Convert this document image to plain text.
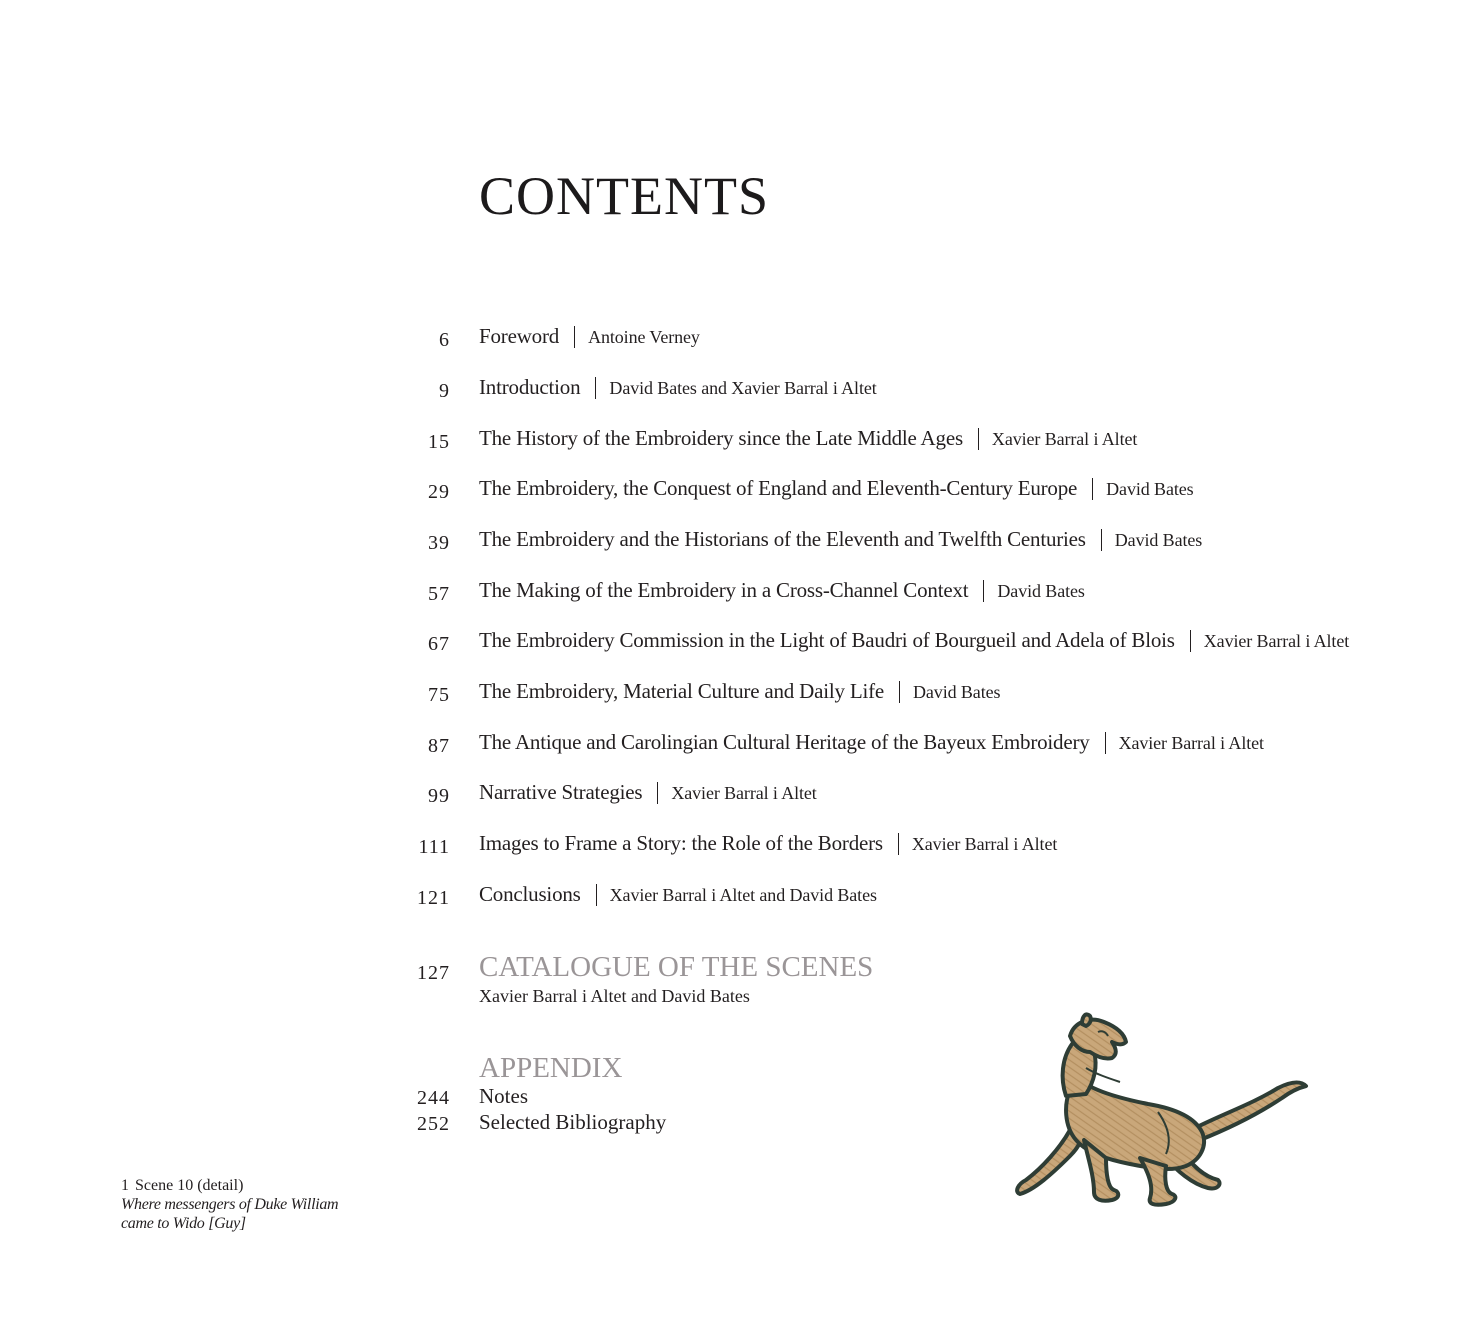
CONTENTS
6 Foreword Antoine Verney
9 Introduction David Bates and Xavier Barral i Altet
15 The History of the Embroidery since the Late Middle Ages Xavier Barral i Altet
29 The Embroidery, the Conquest of England and Eleventh-Century Europe David Bates
39 The Embroidery and the Historians of the Eleventh and Twelfth Centuries David Bates
57 The Making of the Embroidery in a Cross-Channel Context David Bates
67 The Embroidery Commission in the Light of Baudri of Bourgueil and Adela of Blois Xavier Barral i Altet
75 The Embroidery, Material Culture and Daily Life David Bates
87 The Antique and Carolingian Cultural Heritage of the Bayeux Embroidery Xavier Barral i Altet
99 Narrative Strategies Xavier Barral i Altet
111 Images to Frame a Story: the Role of the Borders Xavier Barral i Altet
121 Conclusions Xavier Barral i Altet and David Bates
127 CATALOGUE OF THE SCENES
Xavier Barral i Altet and David Bates
APPENDIX
244 Notes
252 Selected Bibliography
1 Scene 10 (detail)
Where messengers of Duke William
came to Wido [Guy]
